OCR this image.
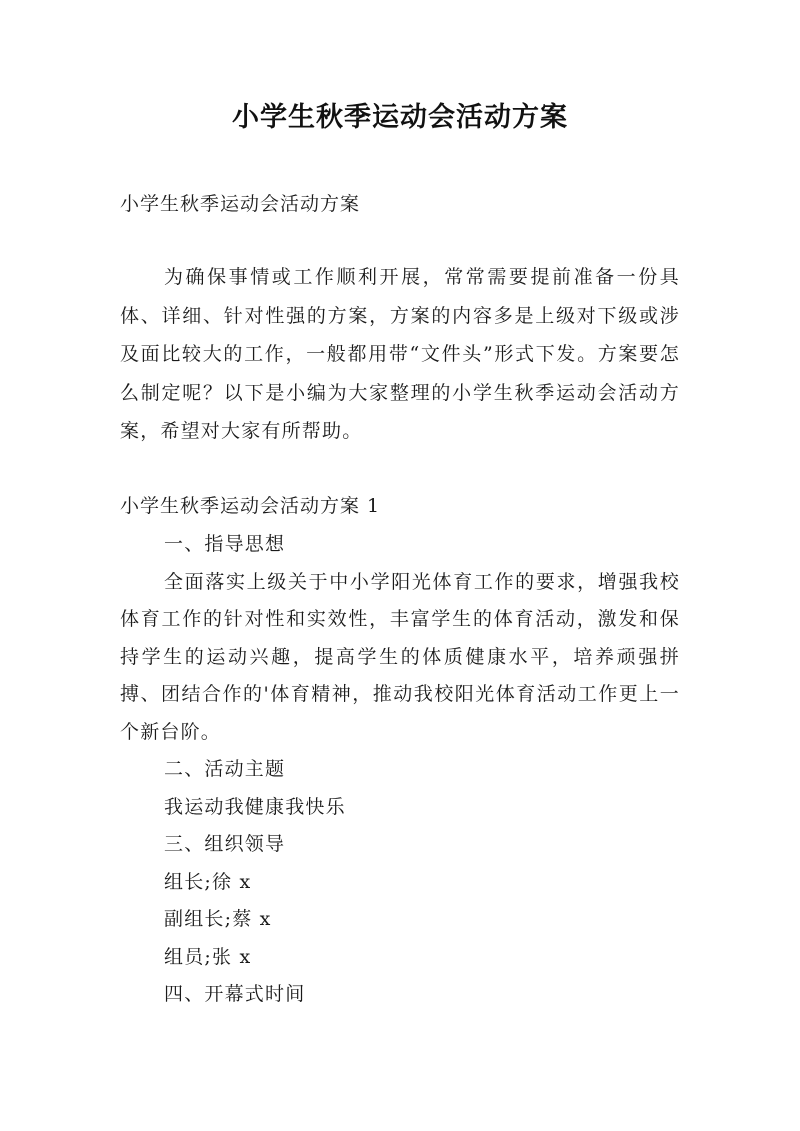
小学生秋季运动会活动方案
小学生秋季运动会活动方案
为确保事情或工作顺利开展，常常需要提前准备一份具体、详细、针对性强的方案，方案的内容多是上级对下级或涉及面比较大的工作，一般都用带“文件头”形式下发。方案要怎么制定呢？以下是小编为大家整理的小学生秋季运动会活动方案，希望对大家有所帮助。
小学生秋季运动会活动方案 1
一、指导思想
全面落实上级关于中小学阳光体育工作的要求，增强我校体育工作的针对性和实效性，丰富学生的体育活动，激发和保持学生的运动兴趣，提高学生的体质健康水平，培养顽强拼搏、团结合作的'体育精神，推动我校阳光体育活动工作更上一个新台阶。
二、活动主题
我运动我健康我快乐
三、组织领导
组长;徐 x
副组长;蔡 x
组员;张 x
四、开幕式时间
